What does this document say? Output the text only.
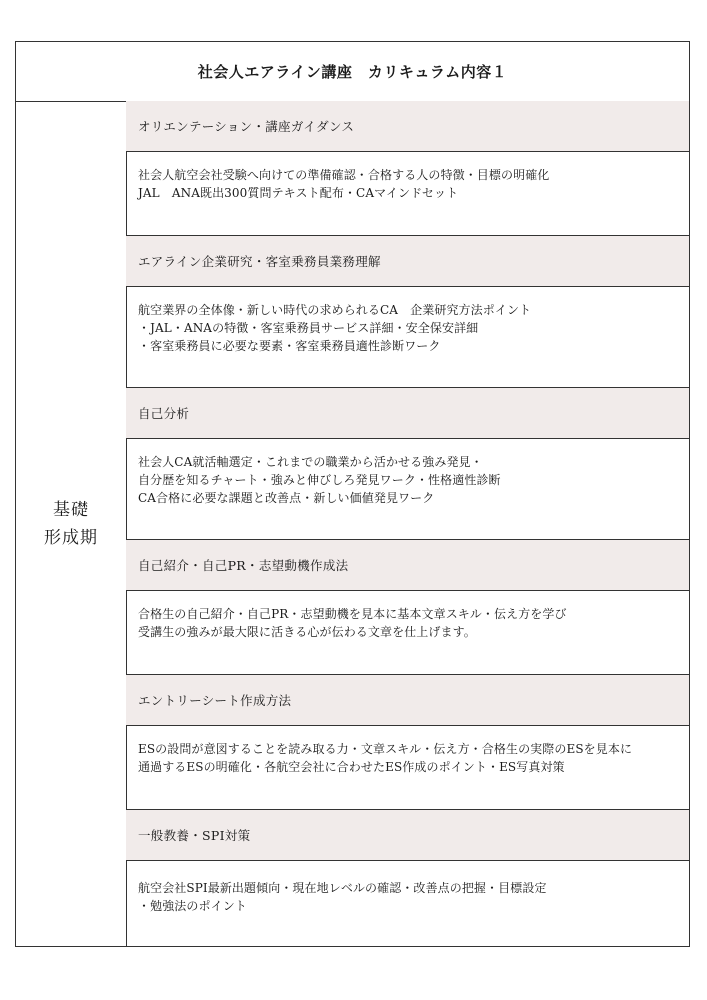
社会人エアライン講座　カリキュラム内容１
基礎
形成期
オリエンテーション・講座ガイダンス
社会人航空会社受験へ向けての準備確認・合格する人の特徴・目標の明確化
JAL　ANA既出300質問テキスト配布・CAマインドセット
エアライン企業研究・客室乗務員業務理解
航空業界の全体像・新しい時代の求められるCA　企業研究方法ポイント
・JAL・ANAの特徴・客室乗務員サービス詳細・安全保安詳細
・客室乗務員に必要な要素・客室乗務員適性診断ワーク
自己分析
社会人CA就活軸選定・これまでの職業から活かせる強み発見・
自分歴を知るチャート・強みと伸びしろ発見ワーク・性格適性診断
CA合格に必要な課題と改善点・新しい価値発見ワーク
自己紹介・自己PR・志望動機作成法
合格生の自己紹介・自己PR・志望動機を見本に基本文章スキル・伝え方を学び
受講生の強みが最大限に活きる心が伝わる文章を仕上げます。
エントリーシート作成方法
ESの設問が意図することを読み取る力・文章スキル・伝え方・合格生の実際のESを見本に
通過するESの明確化・各航空会社に合わせたES作成のポイント・ES写真対策
一般教養・SPI対策
航空会社SPI最新出題傾向・現在地レベルの確認・改善点の把握・目標設定
・勉強法のポイント
